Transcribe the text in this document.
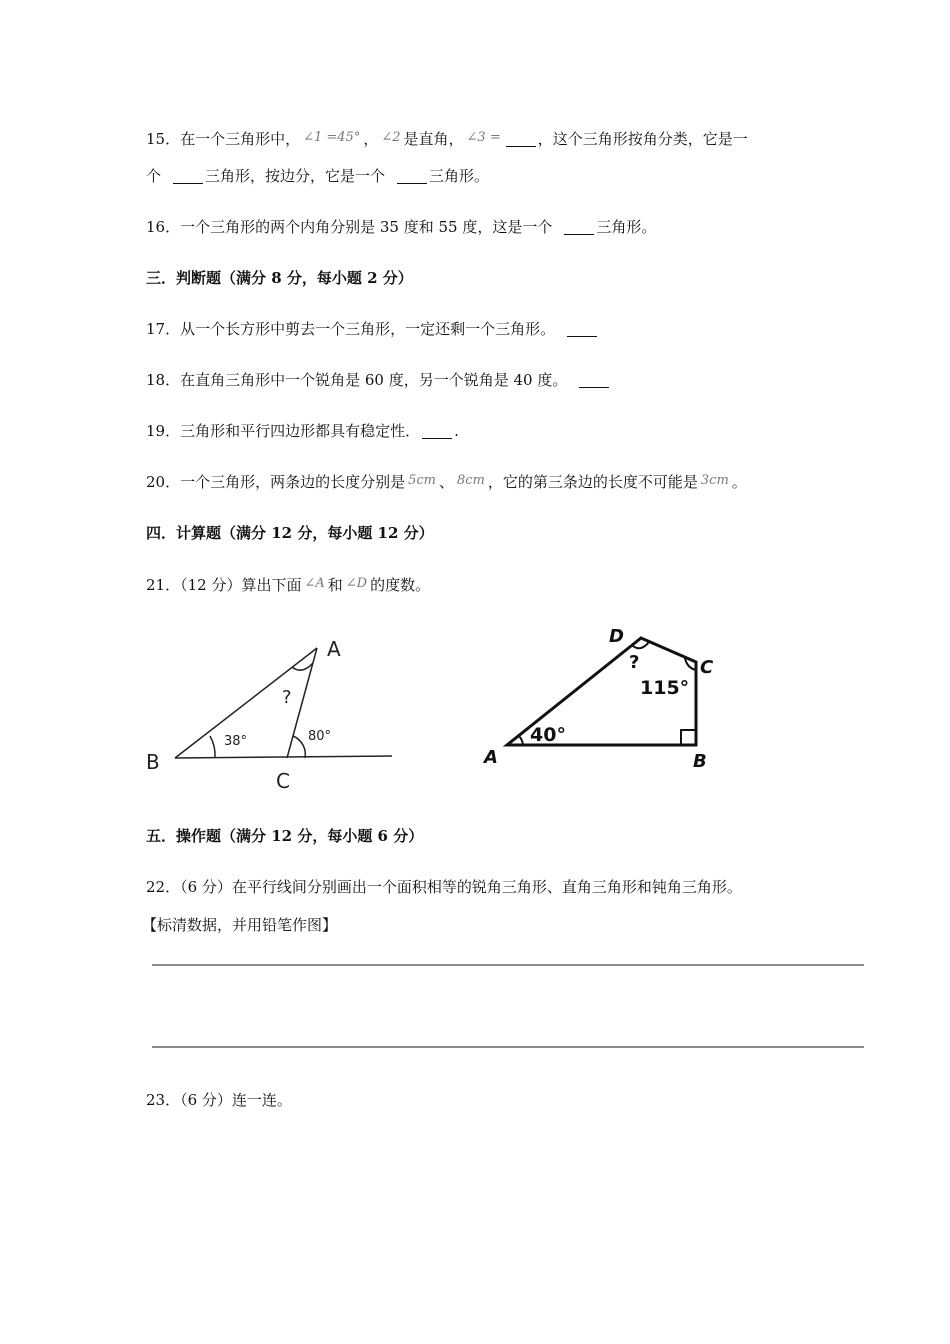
15．在一个三角形中， ∠1 =45° ， ∠2 是直角， ∠3 = ，这个三角形按角分类，它是一
个	三角形，按边分，它是一个	三角形。
16．一个三角形的两个内角分别是 35 度和 55 度，这是一个	三角形。
三．判断题（满分 8 分，每小题 2 分）
17．从一个长方形中剪去一个三角形，一定还剩一个三角形。
18．在直角三角形中一个锐角是 60 度，另一个锐角是 40 度。
19．三角形和平行四边形都具有稳定性． .
20．一个三角形，两条边的长度分别是 5cm 、 8cm ，它的第三条边的长度不可能是 3cm 。
四．计算题（满分 12 分，每小题 12 分）
21．（12 分）算出下面 ∠A 和 ∠D 的度数。
A
B
C
38°	80°
?
D
C
A	B
40°
115°
?
五．操作题（满分 12 分，每小题 6 分）
22．（6 分）在平行线间分别画出一个面积相等的锐角三角形、直角三角形和钝角三角形。
【标清数据，并用铅笔作图】
23．（6 分）连一连。
